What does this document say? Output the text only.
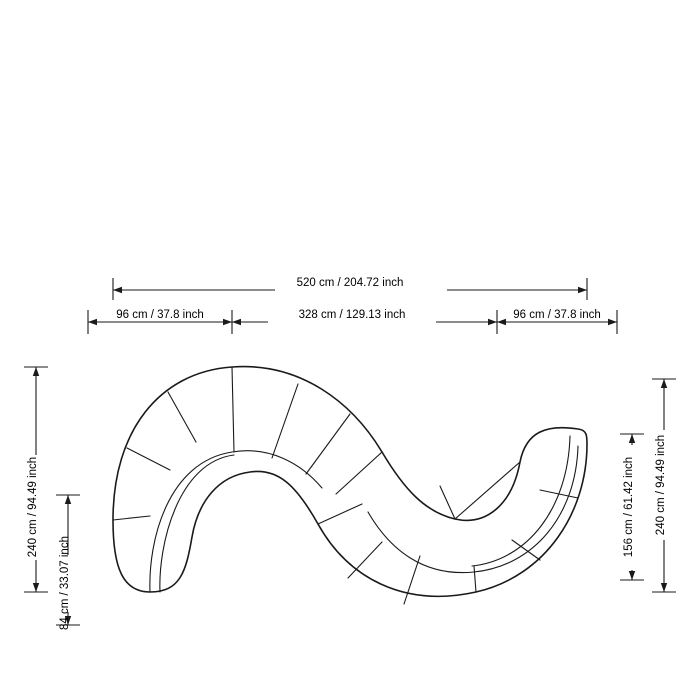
520 cm / 204.72 inch
96 cm / 37.8 inch	328 cm / 129.13 inch	96 cm / 37.8 inch
240 cm / 94.49 inch
84 cm / 33.07 inch
240 cm / 94.49 inch
156 cm / 61.42 inch
